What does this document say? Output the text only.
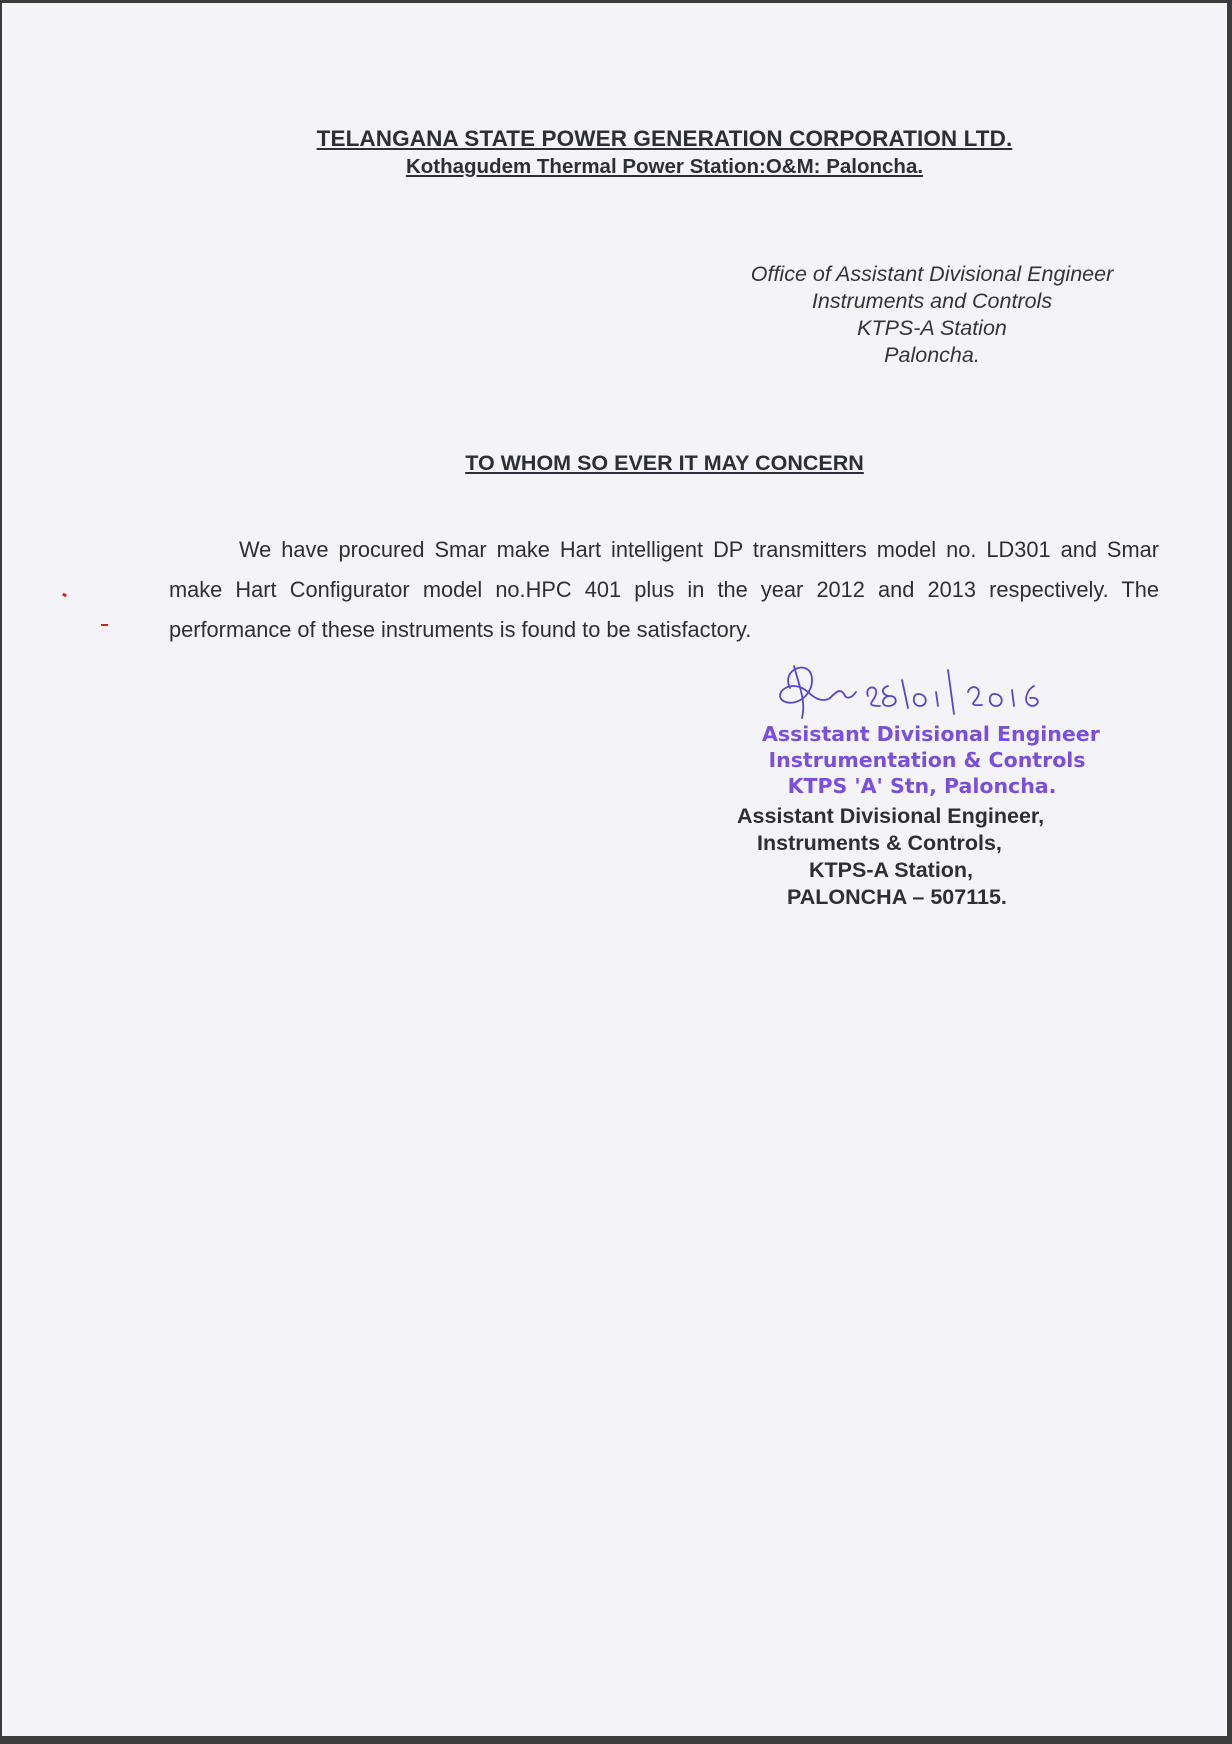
TELANGANA STATE POWER GENERATION CORPORATION LTD.
Kothagudem Thermal Power Station:O&M: Paloncha.
Office of Assistant Divisional Engineer
Instruments and Controls
KTPS-A Station
Paloncha.
TO WHOM SO EVER IT MAY CONCERN

We have procured Smar make Hart intelligent DP transmitters model no. LD301 and Smar make Hart Configurator model no.HPC 401 plus in the year 2012 and 2013 respectively. The performance of these instruments is found to be satisfactory.

Assistant Divisional Engineer
Instrumentation & Controls
KTPS 'A' Stn, Paloncha.
Assistant Divisional Engineer,
Instruments & Controls,
KTPS-A Station,
PALONCHA – 507115.
